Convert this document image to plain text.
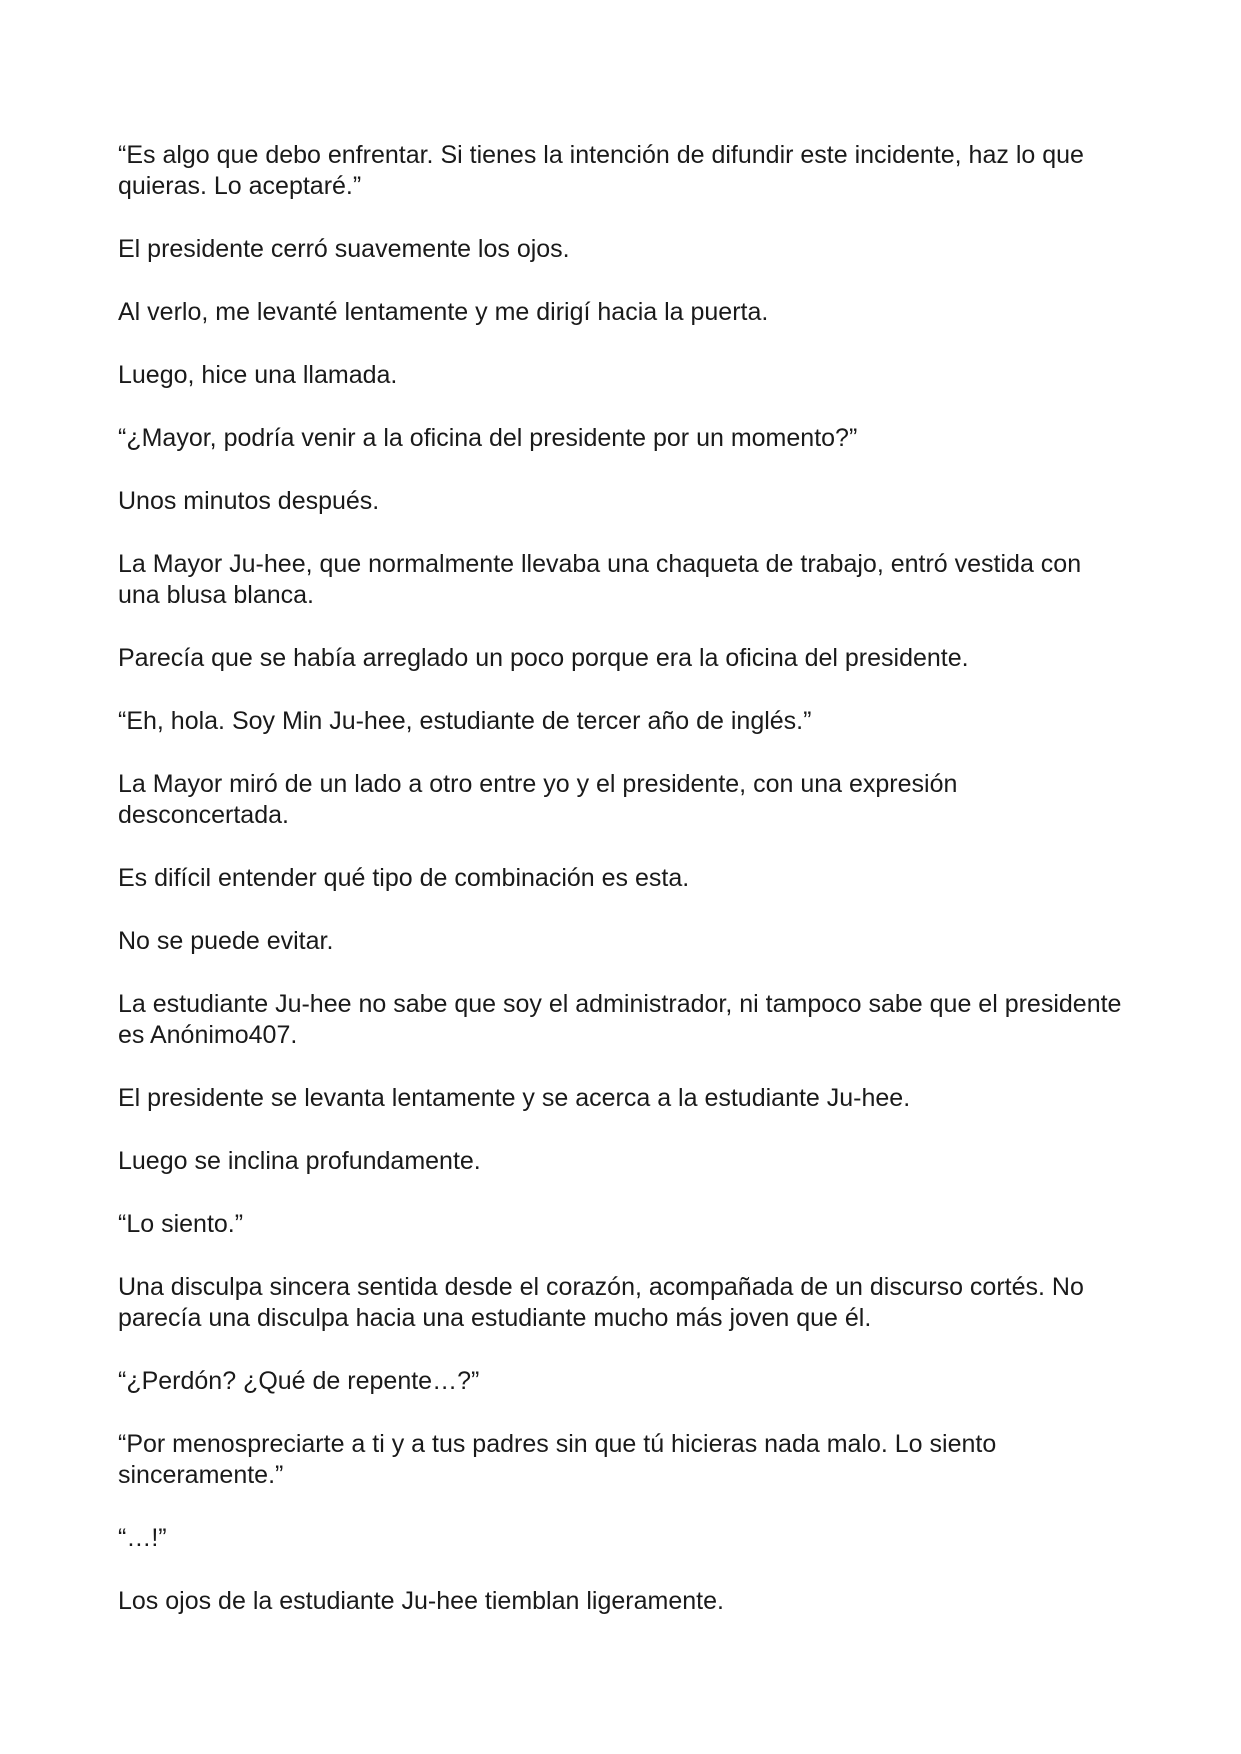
“Es algo que debo enfrentar. Si tienes la intención de difundir este incidente, haz lo que quieras. Lo aceptaré.”

El presidente cerró suavemente los ojos.

Al verlo, me levanté lentamente y me dirigí hacia la puerta.

Luego, hice una llamada.

“¿Mayor, podría venir a la oficina del presidente por un momento?”

Unos minutos después.

La Mayor Ju-hee, que normalmente llevaba una chaqueta de trabajo, entró vestida con una blusa blanca.

Parecía que se había arreglado un poco porque era la oficina del presidente.

“Eh, hola. Soy Min Ju-hee, estudiante de tercer año de inglés.”

La Mayor miró de un lado a otro entre yo y el presidente, con una expresión desconcertada.

Es difícil entender qué tipo de combinación es esta.

No se puede evitar.

La estudiante Ju-hee no sabe que soy el administrador, ni tampoco sabe que el presidente es Anónimo407.

El presidente se levanta lentamente y se acerca a la estudiante Ju-hee.

Luego se inclina profundamente.

“Lo siento.”

Una disculpa sincera sentida desde el corazón, acompañada de un discurso cortés. No parecía una disculpa hacia una estudiante mucho más joven que él.

“¿Perdón? ¿Qué de repente…?”

“Por menospreciarte a ti y a tus padres sin que tú hicieras nada malo. Lo siento sinceramente.”

“…!”

Los ojos de la estudiante Ju-hee tiemblan ligeramente.
